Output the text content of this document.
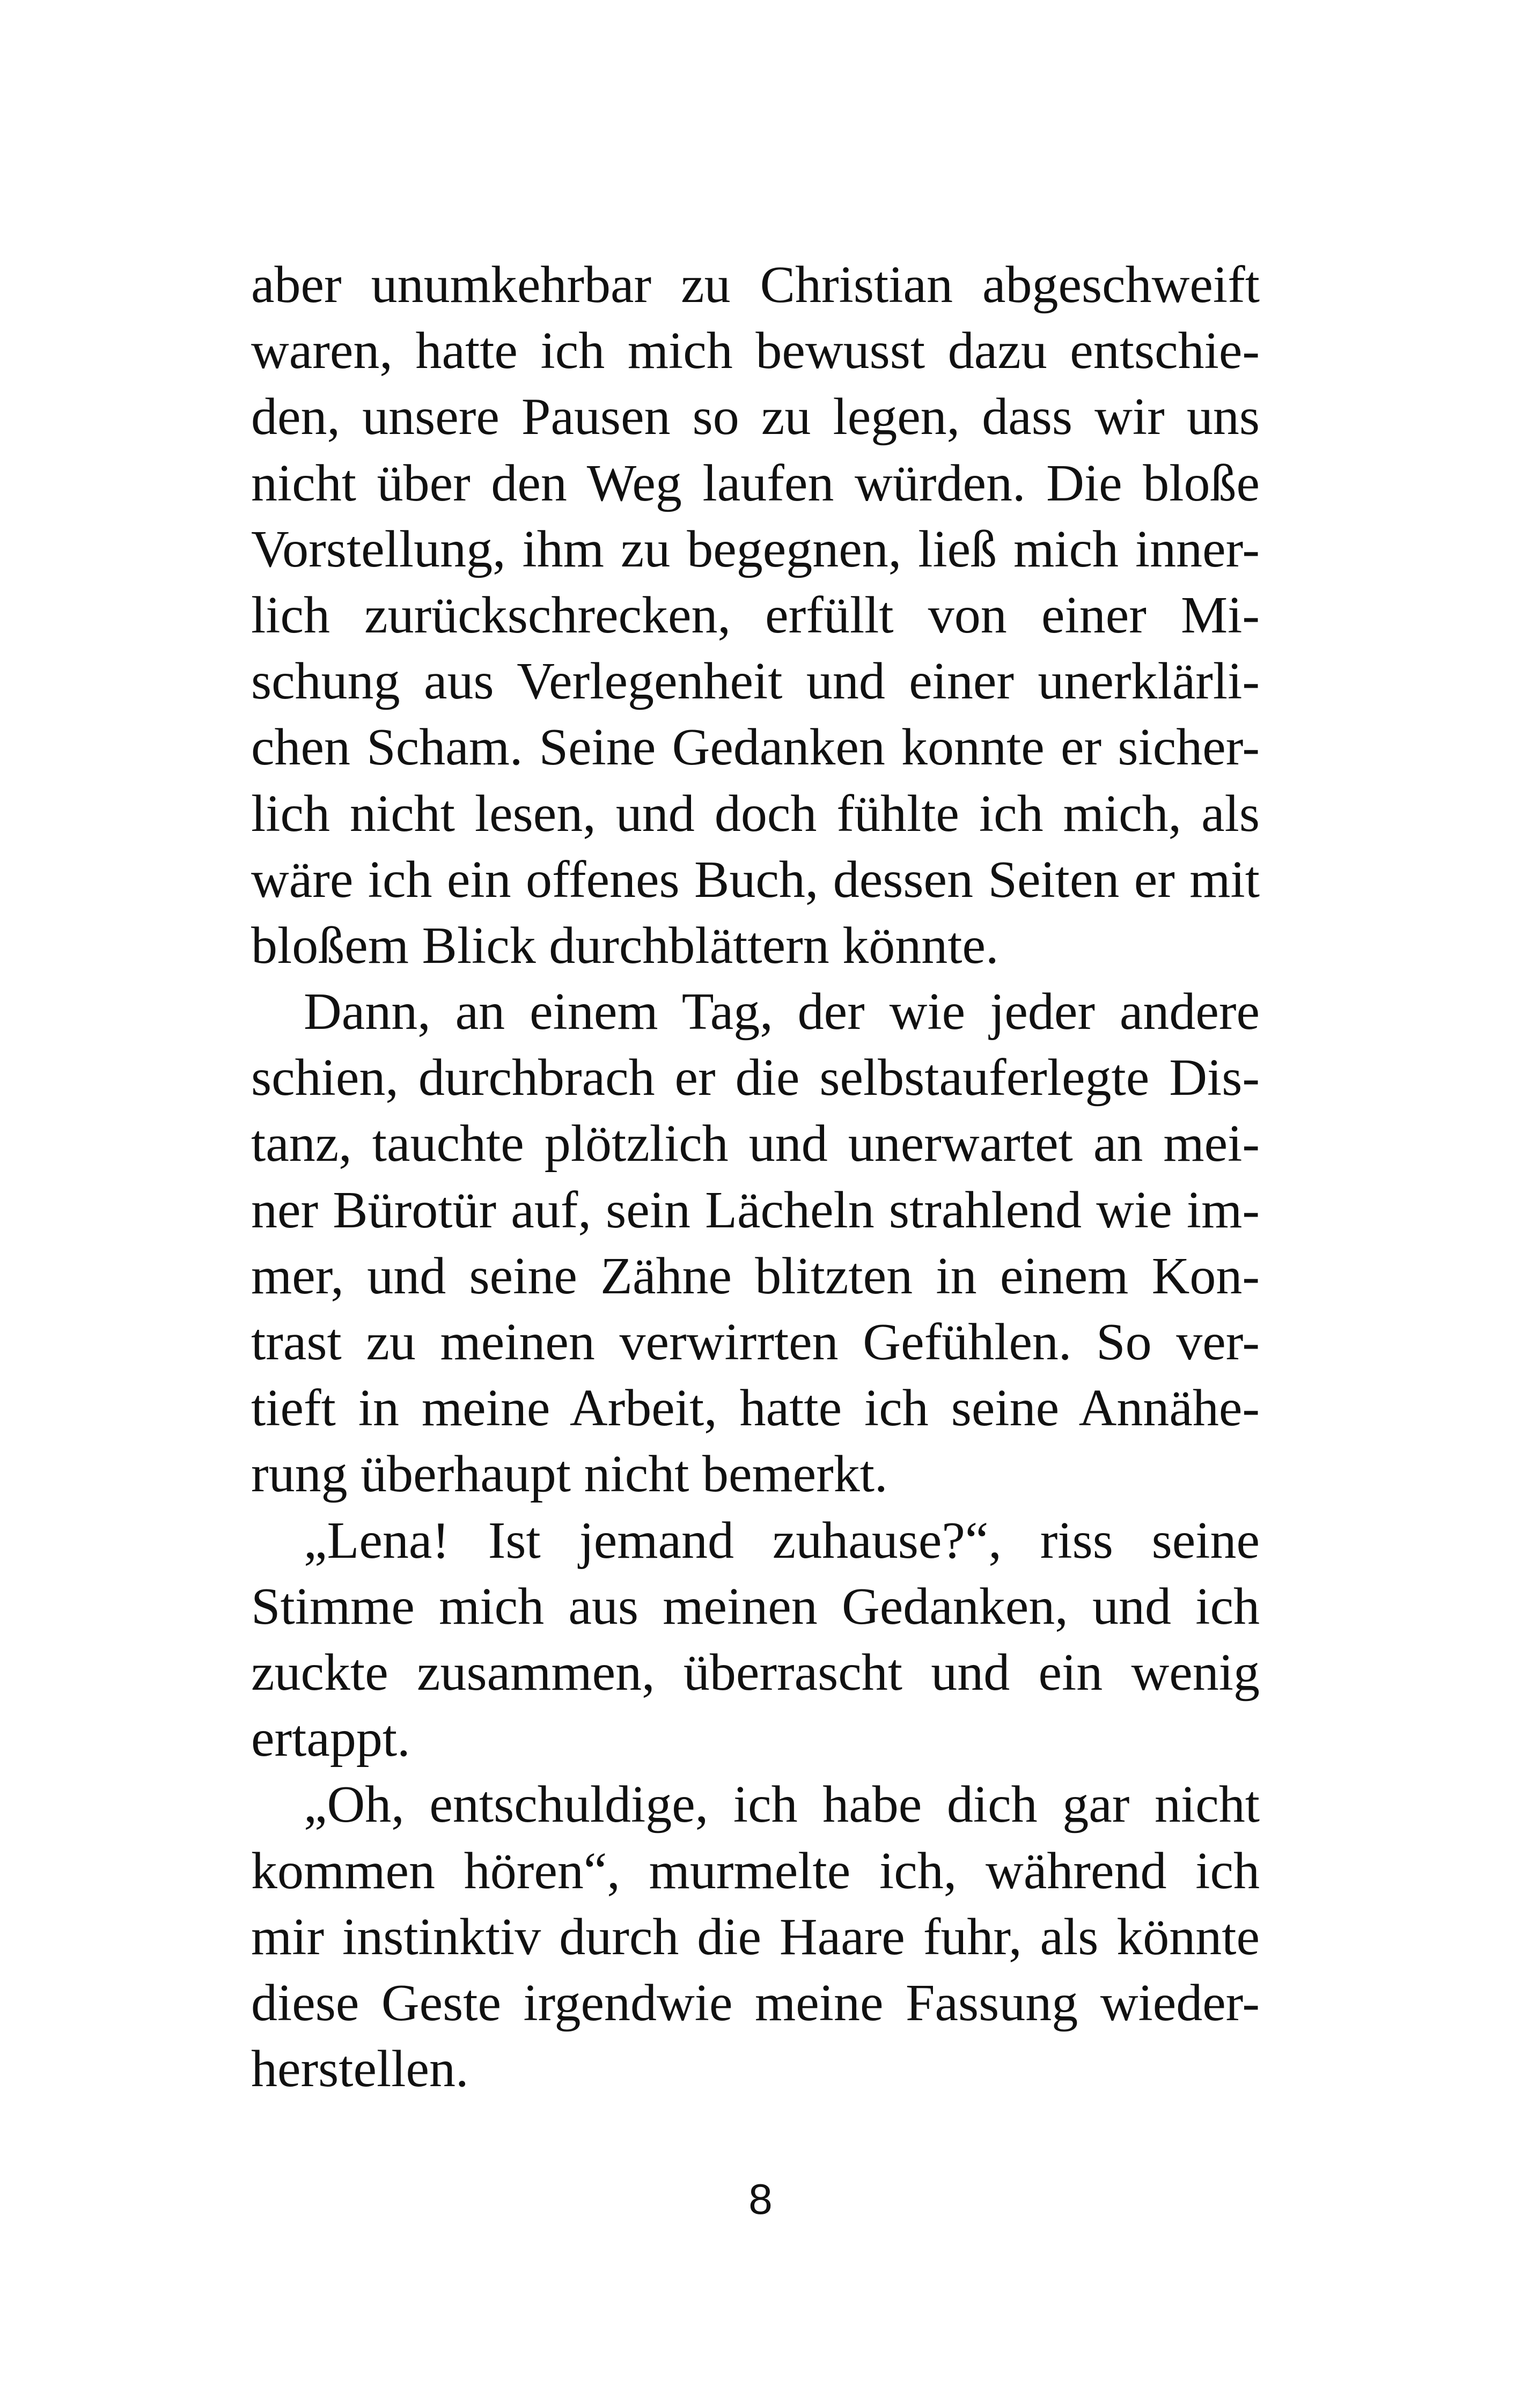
aber unumkehrbar zu Christian abgeschweift
waren, hatte ich mich bewusst dazu entschie-
den, unsere Pausen so zu legen, dass wir uns
nicht über den Weg laufen würden. Die bloße
Vorstellung, ihm zu begegnen, ließ mich inner-
lich zurückschrecken, erfüllt von einer Mi-
schung aus Verlegenheit und einer unerklärli-
chen Scham. Seine Gedanken konnte er sicher-
lich nicht lesen, und doch fühlte ich mich, als
wäre ich ein offenes Buch, dessen Seiten er mit
bloßem Blick durchblättern könnte.
Dann, an einem Tag, der wie jeder andere
schien, durchbrach er die selbstauferlegte Dis-
tanz, tauchte plötzlich und unerwartet an mei-
ner Bürotür auf, sein Lächeln strahlend wie im-
mer, und seine Zähne blitzten in einem Kon-
trast zu meinen verwirrten Gefühlen. So ver-
tieft in meine Arbeit, hatte ich seine Annähe-
rung überhaupt nicht bemerkt.
„Lena! Ist jemand zuhause?“, riss seine
Stimme mich aus meinen Gedanken, und ich
zuckte zusammen, überrascht und ein wenig
ertappt.
„Oh, entschuldige, ich habe dich gar nicht
kommen hören“, murmelte ich, während ich
mir instinktiv durch die Haare fuhr, als könnte
diese Geste irgendwie meine Fassung wieder-
herstellen.
8
